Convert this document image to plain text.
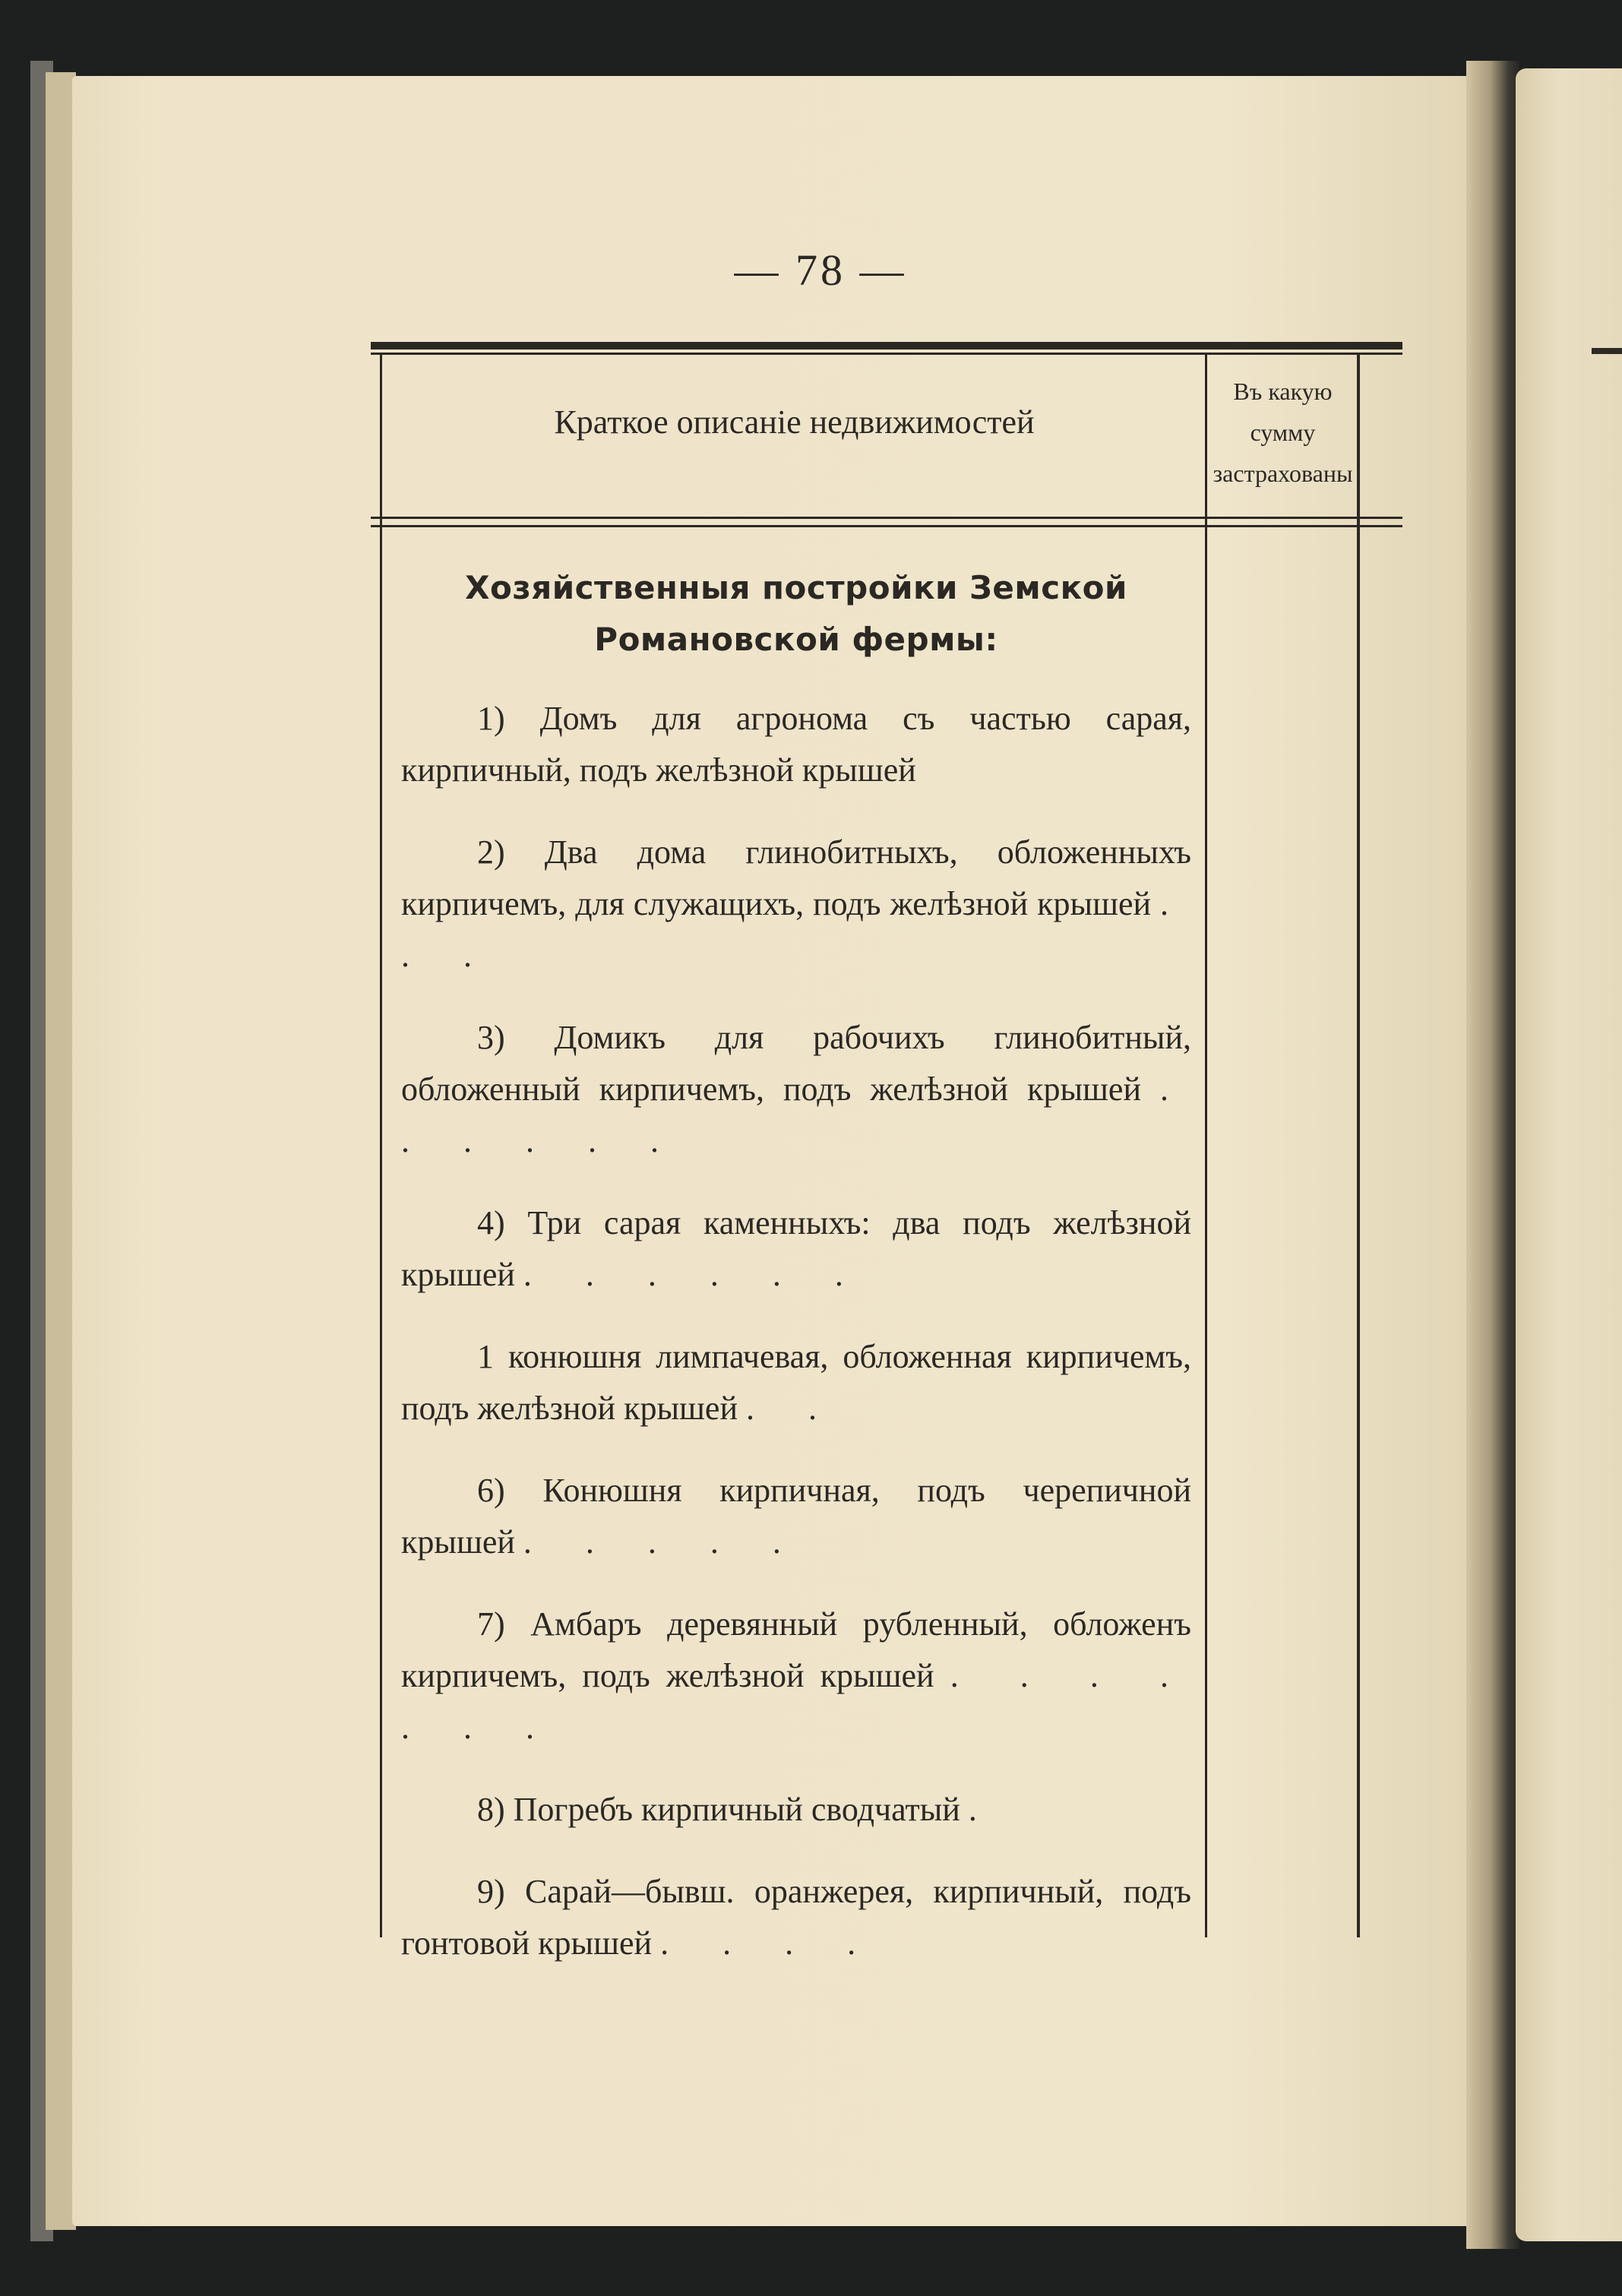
— 78 —
Краткое описаніе недвижимостей
Въ какую сумму застрахованы
Хозяйственныя постройки Земской Романовской фермы:
1) Домъ для агронома съ частью сарая, кирпичный, подъ желѣзной крышей
2) Два дома глинобитныхъ, обложенныхъ кирпичемъ, для служащихъ, подъ желѣзной крышей . . .
3) Домикъ для рабочихъ глинобитный, обложенный кирпичемъ, подъ желѣзной крышей . . . . . .
4) Три сарая каменныхъ: два подъ желѣзной крышей . . . . . .
1 конюшня лимпачевая, обложенная кирпичемъ, подъ желѣзной крышей . .
6) Конюшня кирпичная, подъ черепичной крышей . . . . .
7) Амбаръ деревянный рубленный, обложенъ кирпичемъ, подъ желѣзной крышей . . . . . . .
8) Погребъ кирпичный сводчатый .
9) Сарай—бывш. оранжерея, кирпичный, подъ гонтовой крышей . . . .
